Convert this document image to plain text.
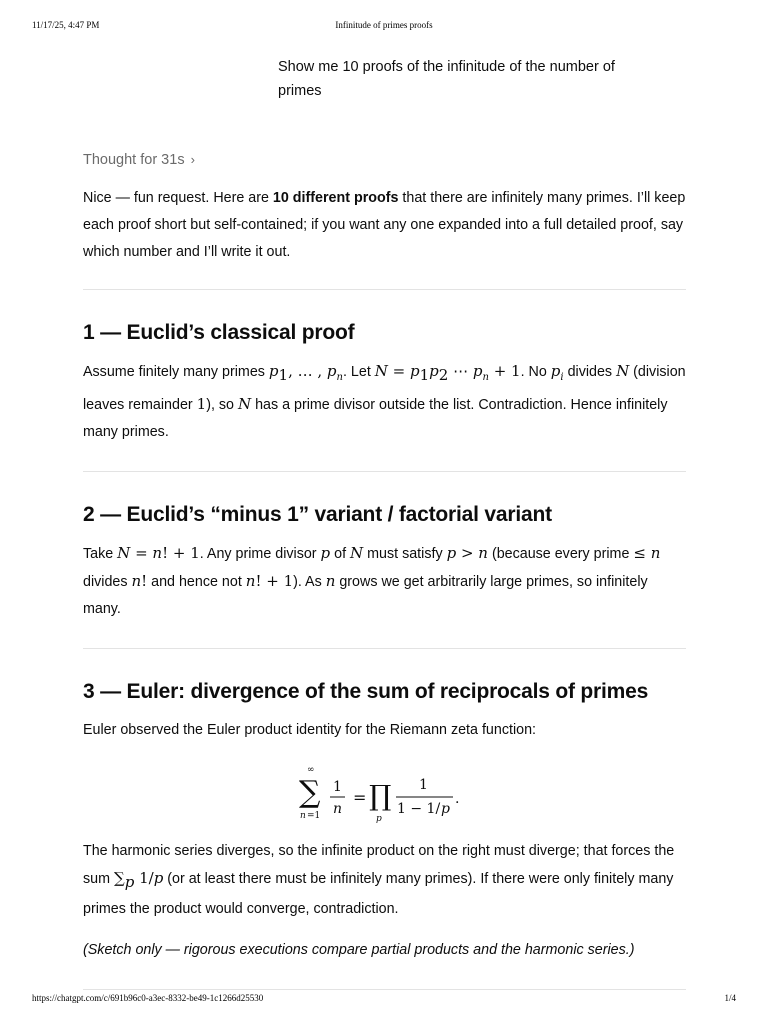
11/17/25, 4:47 PM	Infinitude of primes proofs
Show me 10 proofs of the infinitude of the number of primes
Thought for 31s ›

Nice — fun request. Here are 10 different proofs that there are infinitely many primes. I’ll keep each proof short but self-contained; if you want any one expanded into a full detailed proof, say which number and I’ll write it out.

1 — Euclid’s classical proof

Assume finitely many primes $p_1$, … , $p_n$. Let $N = p_1p_2$ ⋯ $p_n + 1$. No $p_i$ divides N (division leaves remainder 1), so N has a prime divisor outside the list. Contradiction. Hence infinitely many primes.

2 — Euclid’s “minus 1” variant / factorial variant

Take N = n! + 1. Any prime divisor p of N must satisfy p > n (because every prime ≤ n divides n! and hence not n! + 1). As n grows we get arbitrarily large primes, so infinitely many.

3 — Euler: divergence of the sum of reciprocals of primes

Euler observed the Euler product identity for the Riemann zeta function:

∞
∑
n =1
1
n
= ∏
p
1
1 − 1/ p
.

The harmonic series diverges, so the infinite product on the right must diverge; that forces the sum $\sum_p$ 1/p (or at least there must be infinitely many primes). If there were only finitely many primes the product would converge, contradiction.

(Sketch only — rigorous executions compare partial products and the harmonic series.)

https://chatgpt.com/c/691b96c0-a3ec-8332-be49-1c1266d25530	1/4
